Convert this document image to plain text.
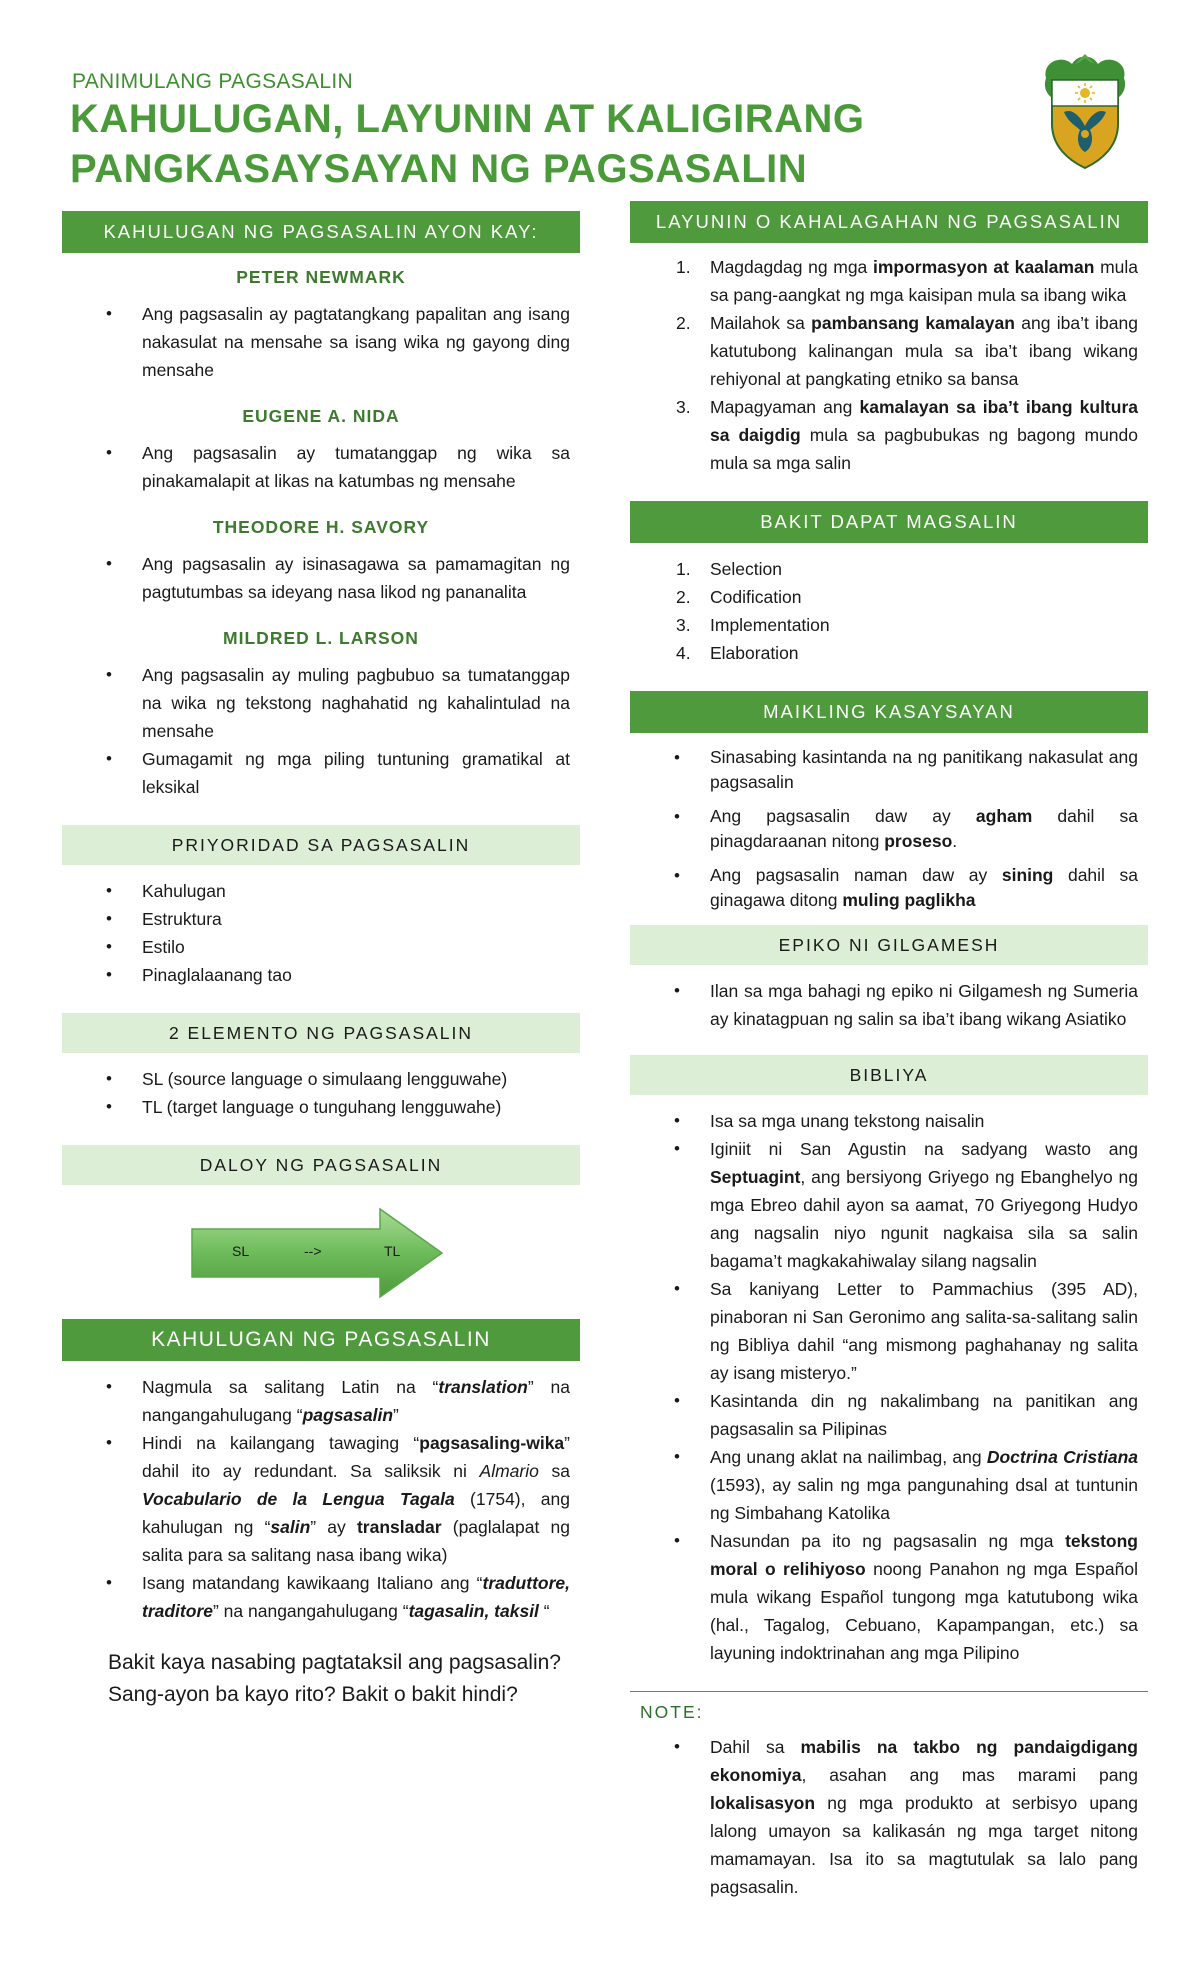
PANIMULANG PAGSASALIN
KAHULUGAN, LAYUNIN AT KALIGIRANG
PANGKASAYSAYAN NG PAGSASALIN
KAHULUGAN NG PAGSASALIN AYON KAY:
PETER NEWMARK
• Ang pagsasalin ay pagtatangkang papalitan ang isang nakasulat na mensahe sa isang wika ng gayong ding mensahe
EUGENE A. NIDA
• Ang pagsasalin ay tumatanggap ng wika sa pinakamalapit at likas na katumbas ng mensahe
THEODORE H. SAVORY
• Ang pagsasalin ay isinasagawa sa pamamagitan ng pagtutumbas sa ideyang nasa likod ng pananalita
MILDRED L. LARSON
• Ang pagsasalin ay muling pagbubuo sa tumatanggap na wika ng tekstong naghahatid ng kahalintulad na mensahe
• Gumagamit ng mga piling tuntuning gramatikal at leksikal
PRIYORIDAD SA PAGSASALIN
• Kahulugan
• Estruktura
• Estilo
• Pinaglalaanang tao
2 ELEMENTO NG PAGSASALIN
• SL (source language o simulaang lengguwahe)
• TL (target language o tunguhang lengguwahe)
DALOY NG PAGSASALIN
SL	-->	TL
KAHULUGAN NG PAGSASALIN
• Nagmula sa salitang Latin na “translation” na nangangahulugang “pagsasalin”
• Hindi na kailangang tawaging “pagsasaling-wika” dahil ito ay redundant. Sa saliksik ni Almario sa Vocabulario de la Lengua Tagala (1754), ang kahulugan ng “salin” ay transladar (paglalapat ng salita para sa salitang nasa ibang wika)
• Isang matandang kawikaang Italiano ang “traduttore, traditore” na nangangahulugang “tagasalin, taksil “
Bakit kaya nasabing pagtataksil ang pagsasalin?
Sang-ayon ba kayo rito? Bakit o bakit hindi?
LAYUNIN O KAHALAGAHAN NG PAGSASALIN
1. Magdagdag ng mga impormasyon at kaalaman mula sa pang-aangkat ng mga kaisipan mula sa ibang wika
2. Mailahok sa pambansang kamalayan ang iba’t ibang katutubong kalinangan mula sa iba’t ibang wikang rehiyonal at pangkating etniko sa bansa
3. Mapagyaman ang kamalayan sa iba’t ibang kultura sa daigdig mula sa pagbubukas ng bagong mundo mula sa mga salin
BAKIT DAPAT MAGSALIN
1. Selection
2. Codification
3. Implementation
4. Elaboration
MAIKLING KASAYSAYAN
• Sinasabing kasintanda na ng panitikang nakasulat ang pagsasalin
• Ang pagsasalin daw ay agham dahil sa pinagdaraanan nitong proseso.
• Ang pagsasalin naman daw ay sining dahil sa ginagawa ditong muling paglikha
EPIKO NI GILGAMESH
• Ilan sa mga bahagi ng epiko ni Gilgamesh ng Sumeria ay kinatagpuan ng salin sa iba’t ibang wikang Asiatiko
BIBLIYA
• Isa sa mga unang tekstong naisalin
• Iginiit ni San Agustin na sadyang wasto ang Septuagint, ang bersiyong Griyego ng Ebanghelyo ng mga Ebreo dahil ayon sa aamat, 70 Griyegong Hudyo ang nagsalin niyo ngunit nagkaisa sila sa salin bagama’t magkakahiwalay silang nagsalin
• Sa kaniyang Letter to Pammachius (395 AD), pinaboran ni San Geronimo ang salita-sa-salitang salin ng Bibliya dahil “ang mismong paghahanay ng salita ay isang misteryo.”
• Kasintanda din ng nakalimbang na panitikan ang pagsasalin sa Pilipinas
• Ang unang aklat na nailimbag, ang Doctrina Cristiana (1593), ay salin ng mga pangunahing dsal at tuntunin ng Simbahang Katolika
• Nasundan pa ito ng pagsasalin ng mga tekstong moral o relihiyoso noong Panahon ng mga Español mula wikang Español tungong mga katutubong wika (hal., Tagalog, Cebuano, Kapampangan, etc.) sa layuning indoktrinahan ang mga Pilipino
NOTE:
• Dahil sa mabilis na takbo ng pandaigdigang ekonomiya, asahan ang mas marami pang lokalisasyon ng mga produkto at serbisyo upang lalong umayon sa kalikasán ng mga target nitong mamamayan. Isa ito sa magtutulak sa lalo pang pagsasalin.
